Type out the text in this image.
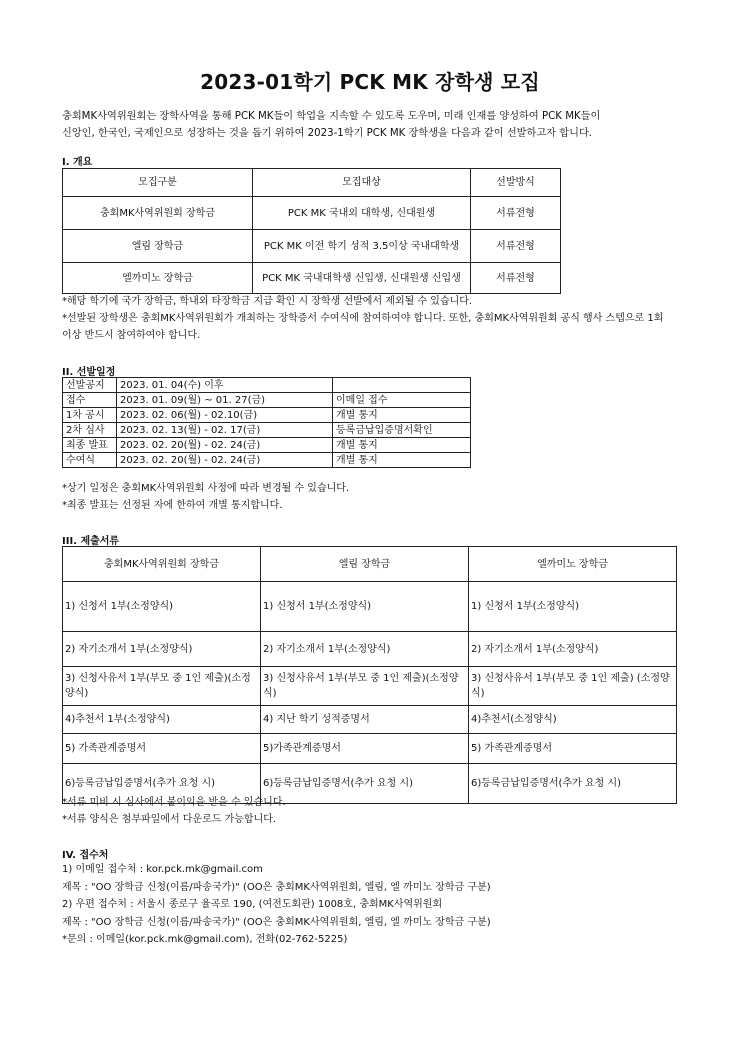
2023-01학기 PCK MK 장학생 모집
충회MK사역위원회는 장학사역을 통해 PCK MK들이 학업을 지속할 수 있도록 도우며, 미래 인재를 양성하여 PCK MK들이
신앙인, 한국인, 국제인으로 성장하는 것을 돕기 위하여 2023-1학기 PCK MK 장학생을 다음과 같이 선발하고자 합니다.
I. 개요
모집구분	모집대상	선발방식
충회MK사역위원회 장학금	PCK MK 국내외 대학생, 신대원생	서류전형
엘림 장학금	PCK MK 이전 학기 성적 3.5이상 국내대학생	서류전형
엘까미노 장학금	PCK MK 국내대학생 신입생, 신대원생 신입생	서류전형
*해당 학기에 국가 장학금, 학내외 타장학금 지급 확인 시 장학생 선발에서 제외될 수 있습니다.
*선발된 장학생은 충회MK사역위원회가 개최하는 장학증서 수여식에 참여하여야 합니다. 또한, 충회MK사역위원회 공식 행사 스텝으로 1회 이상 반드시 참여하여야 합니다.
II. 선발일정
선발공지	2023. 01. 04(수) 이후	
접수	2023. 01. 09(월) ~ 01. 27(금)	이메일 접수
1차 공시	2023. 02. 06(월) - 02.10(금)	개별 통지
2차 심사	2023. 02. 13(월) - 02. 17(금)	등록금납입증명서확인
최종 발표	2023. 02. 20(월) - 02. 24(금)	개별 통지
수여식	2023. 02. 20(월) - 02. 24(금)	개별 통지
*상기 일정은 충회MK사역위원회 사정에 따라 변경될 수 있습니다.
*최종 발표는 선정된 자에 한하여 개별 통지합니다.
III. 제출서류
충회MK사역위원회 장학금	엘림 장학금	엘까미노 장학금
1) 신청서 1부(소정양식)	1) 신청서 1부(소정양식)	1) 신청서 1부(소정양식)
2) 자기소개서 1부(소정양식)	2) 자기소개서 1부(소정양식)	2) 자기소개서 1부(소정양식)
3) 신청사유서 1부(부모 중 1인 제출)(소정양식)	3) 신청사유서 1부(부모 중 1인 제출)(소정양식)	3) 신청사유서 1부(부모 중 1인 제출) (소정양식)
4)추천서 1부(소정양식)	4) 지난 학기 성적증명서	4)추천서(소정양식)
5) 가족관계증명서	5)가족관계증명서	5) 가족관계증명서
6)등록금납입증명서(추가 요청 시)	6)등록금납입증명서(추가 요청 시)	6)등록금납입증명서(추가 요청 시)
*서류 미비 시 심사에서 불이익을 받을 수 있습니다.
*서류 양식은 첨부파일에서 다운로드 가능합니다.
IV. 접수처
1) 이메일 접수처 : kor.pck.mk@gmail.com
제목 : "OO 장학금 신청(이름/파송국가)" (OO은 충회MK사역위원회, 엘림, 엘 까미노 장학금 구분)
2) 우편 접수처 : 서울시 종로구 율곡로 190, (여전도회관) 1008호, 충회MK사역위원회
제목 : "OO 장학금 신청(이름/파송국가)" (OO은 충회MK사역위원회, 엘림, 엘 까미노 장학금 구분)
*문의 : 이메일(kor.pck.mk@gmail.com), 전화(02-762-5225)
